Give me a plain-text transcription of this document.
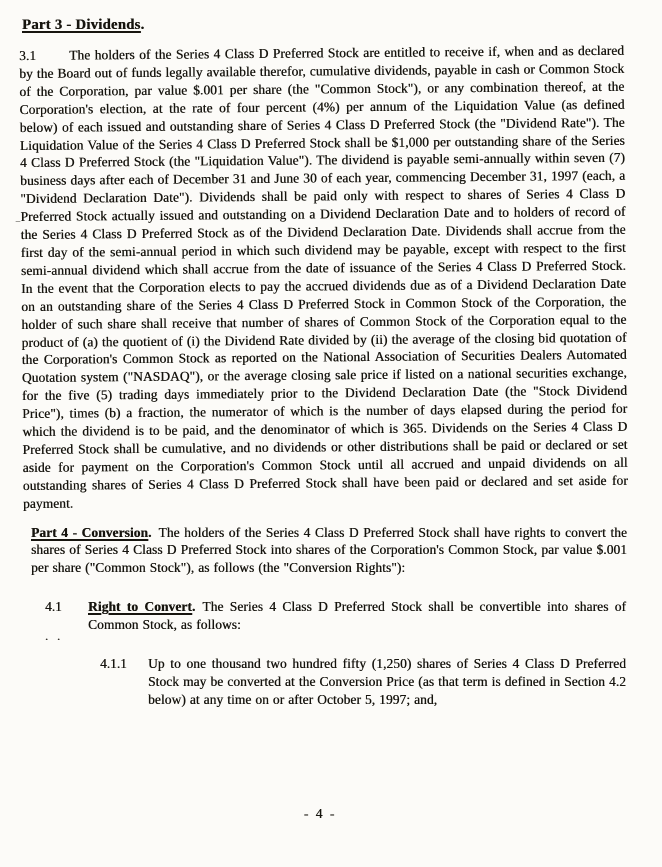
Part 3 - Dividends.
3.1 The holders of the Series 4 Class D Preferred Stock are entitled to receive if, when and as declared by the Board out of funds legally available therefor, cumulative dividends, payable in cash or Common Stock of the Corporation, par value $.001 per share (the "Common Stock"), or any combination thereof, at the Corporation's election, at the rate of four percent (4%) per annum of the Liquidation Value (as defined below) of each issued and outstanding share of Series 4 Class D Preferred Stock (the "Dividend Rate"). The Liquidation Value of the Series 4 Class D Preferred Stock shall be $1,000 per outstanding share of the Series 4 Class D Preferred Stock (the "Liquidation Value"). The dividend is payable semi-annually within seven (7) business days after each of December 31 and June 30 of each year, commencing December 31, 1997 (each, a "Dividend Declaration Date"). Dividends shall be paid only with respect to shares of Series 4 Class D Preferred Stock actually issued and outstanding on a Dividend Declaration Date and to holders of record of the Series 4 Class D Preferred Stock as of the Dividend Declaration Date. Dividends shall accrue from the first day of the semi-annual period in which such dividend may be payable, except with respect to the first semi-annual dividend which shall accrue from the date of issuance of the Series 4 Class D Preferred Stock. In the event that the Corporation elects to pay the accrued dividends due as of a Dividend Declaration Date on an outstanding share of the Series 4 Class D Preferred Stock in Common Stock of the Corporation, the holder of such share shall receive that number of shares of Common Stock of the Corporation equal to the product of (a) the quotient of (i) the Dividend Rate divided by (ii) the average of the closing bid quotation of the Corporation's Common Stock as reported on the National Association of Securities Dealers Automated Quotation system ("NASDAQ"), or the average closing sale price if listed on a national securities exchange, for the five (5) trading days immediately prior to the Dividend Declaration Date (the "Stock Dividend Price"), times (b) a fraction, the numerator of which is the number of days elapsed during the period for which the dividend is to be paid, and the denominator of which is 365. Dividends on the Series 4 Class D Preferred Stock shall be cumulative, and no dividends or other distributions shall be paid or declared or set aside for payment on the Corporation's Common Stock until all accrued and unpaid dividends on all outstanding shares of Series 4 Class D Preferred Stock shall have been paid or declared and set aside for payment.
‾
Part 4 - Conversion. The holders of the Series 4 Class D Preferred Stock shall have rights to convert the shares of Series 4 Class D Preferred Stock into shares of the Corporation's Common Stock, par value $.001 per share ("Common Stock"), as follows (the "Conversion Rights"):
4.1
. .
Right to Convert. The Series 4 Class D Preferred Stock shall be convertible into shares of Common Stock, as follows:
4.1.1	Up to one thousand two hundred fifty (1,250) shares of Series 4 Class D Preferred Stock may be converted at the Conversion Price (as that term is defined in Section 4.2 below) at any time on or after October 5, 1997; and,
- 4 -
